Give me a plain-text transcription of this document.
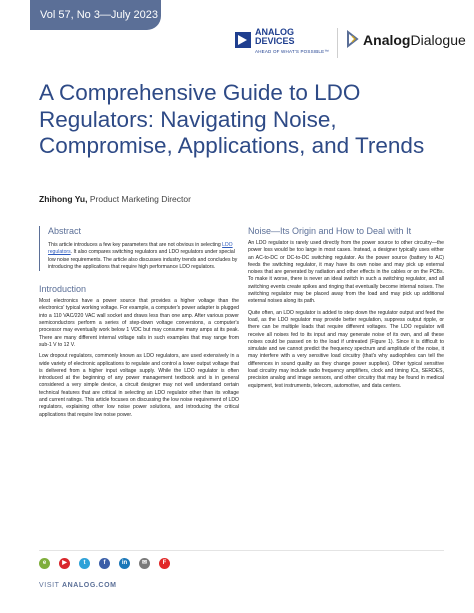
Vol 57, No 3—July 2023
ANALOG
DEVICES
AHEAD OF WHAT'S POSSIBLE™
AnalogDialogue
A Comprehensive Guide to LDO Regulators: Navigating Noise, Compromise, Applications, and Trends
Zhihong Yu, Product Marketing Director
Abstract

This article introduces a few key parameters that are not obvious in selecting LDO regulators. It also compares switching regulators and LDO regulators under special low noise requirements. The article also discusses industry trends and concludes by introducing the applications that require high performance LDO regulators.

Introduction

Most electronics have a power source that provides a higher voltage than the electronics' typical working voltage. For example, a computer's power adapter is plugged into a 110 VAC/220 VAC wall socket and draws less than one amp. After various power semiconductors perform a series of step-down voltage conversions, a computer's processor may eventually work below 1 VDC but may consume many amps at its peak. There are many different internal voltage rails in such examples that may range from sub-1 V to 12 V.

Low dropout regulators, commonly known as LDO regulators, are used extensively in a wide variety of electronic applications to regulate and control a lower output voltage that is delivered from a higher input voltage supply. While the LDO regulator is often introduced at the beginning of any power management textbook and is in general considered a very simple device, a circuit designer may not well understand certain technical features that are critical in selecting an LDO regulator other than its voltage and current ratings. This article focuses on discussing the low noise requirement of LDO regulators, explaining other low noise power solutions, and introducing the critical applications that require low noise power.

Noise—Its Origin and How to Deal with It

An LDO regulator is rarely used directly from the power source to other circuitry—the power loss would be too large in most cases. Instead, a designer typically uses either an AC-to-DC or DC-to-DC switching regulator. As the power source (battery to AC) feeds the switching regulator, it may have its own noise and may pick up external noises that are generated by radiation and other effects in the cables or on the PCBs. To make it worse, there is never an ideal switch in such a switching regulator, and all switching events create spikes and ringing that eventually become internal noises. The switching regulator may be placed away from the load and may pick up additional external noises along its path.

Quite often, an LDO regulator is added to step down the regulator output and feed the load, as the LDO regulator may provide better regulation, suppress output ripple, or there can be multiple loads that require different voltages. The LDO regulator will receive all noises fed to its input and may generate noise of its own, and all these noises could be passed on to the load if untreated (Figure 1). Since it is difficult to simulate and we cannot predict the frequency spectrum and amplitude of the noise, it may interfere with a very sensitive load circuitry (that's why audiophiles can tell the differences in sound quality as they change power supplies). Other typical sensitive load circuitry may include radio frequency amplifiers, clock and timing ICs, SERDES, precision analog and image sensors, and other circuitry that may be found in medical equipment, test instruments, telecom, automotive, and data centers.

e	▶	t	f	in	✉	F
VISIT ANALOG.COM
